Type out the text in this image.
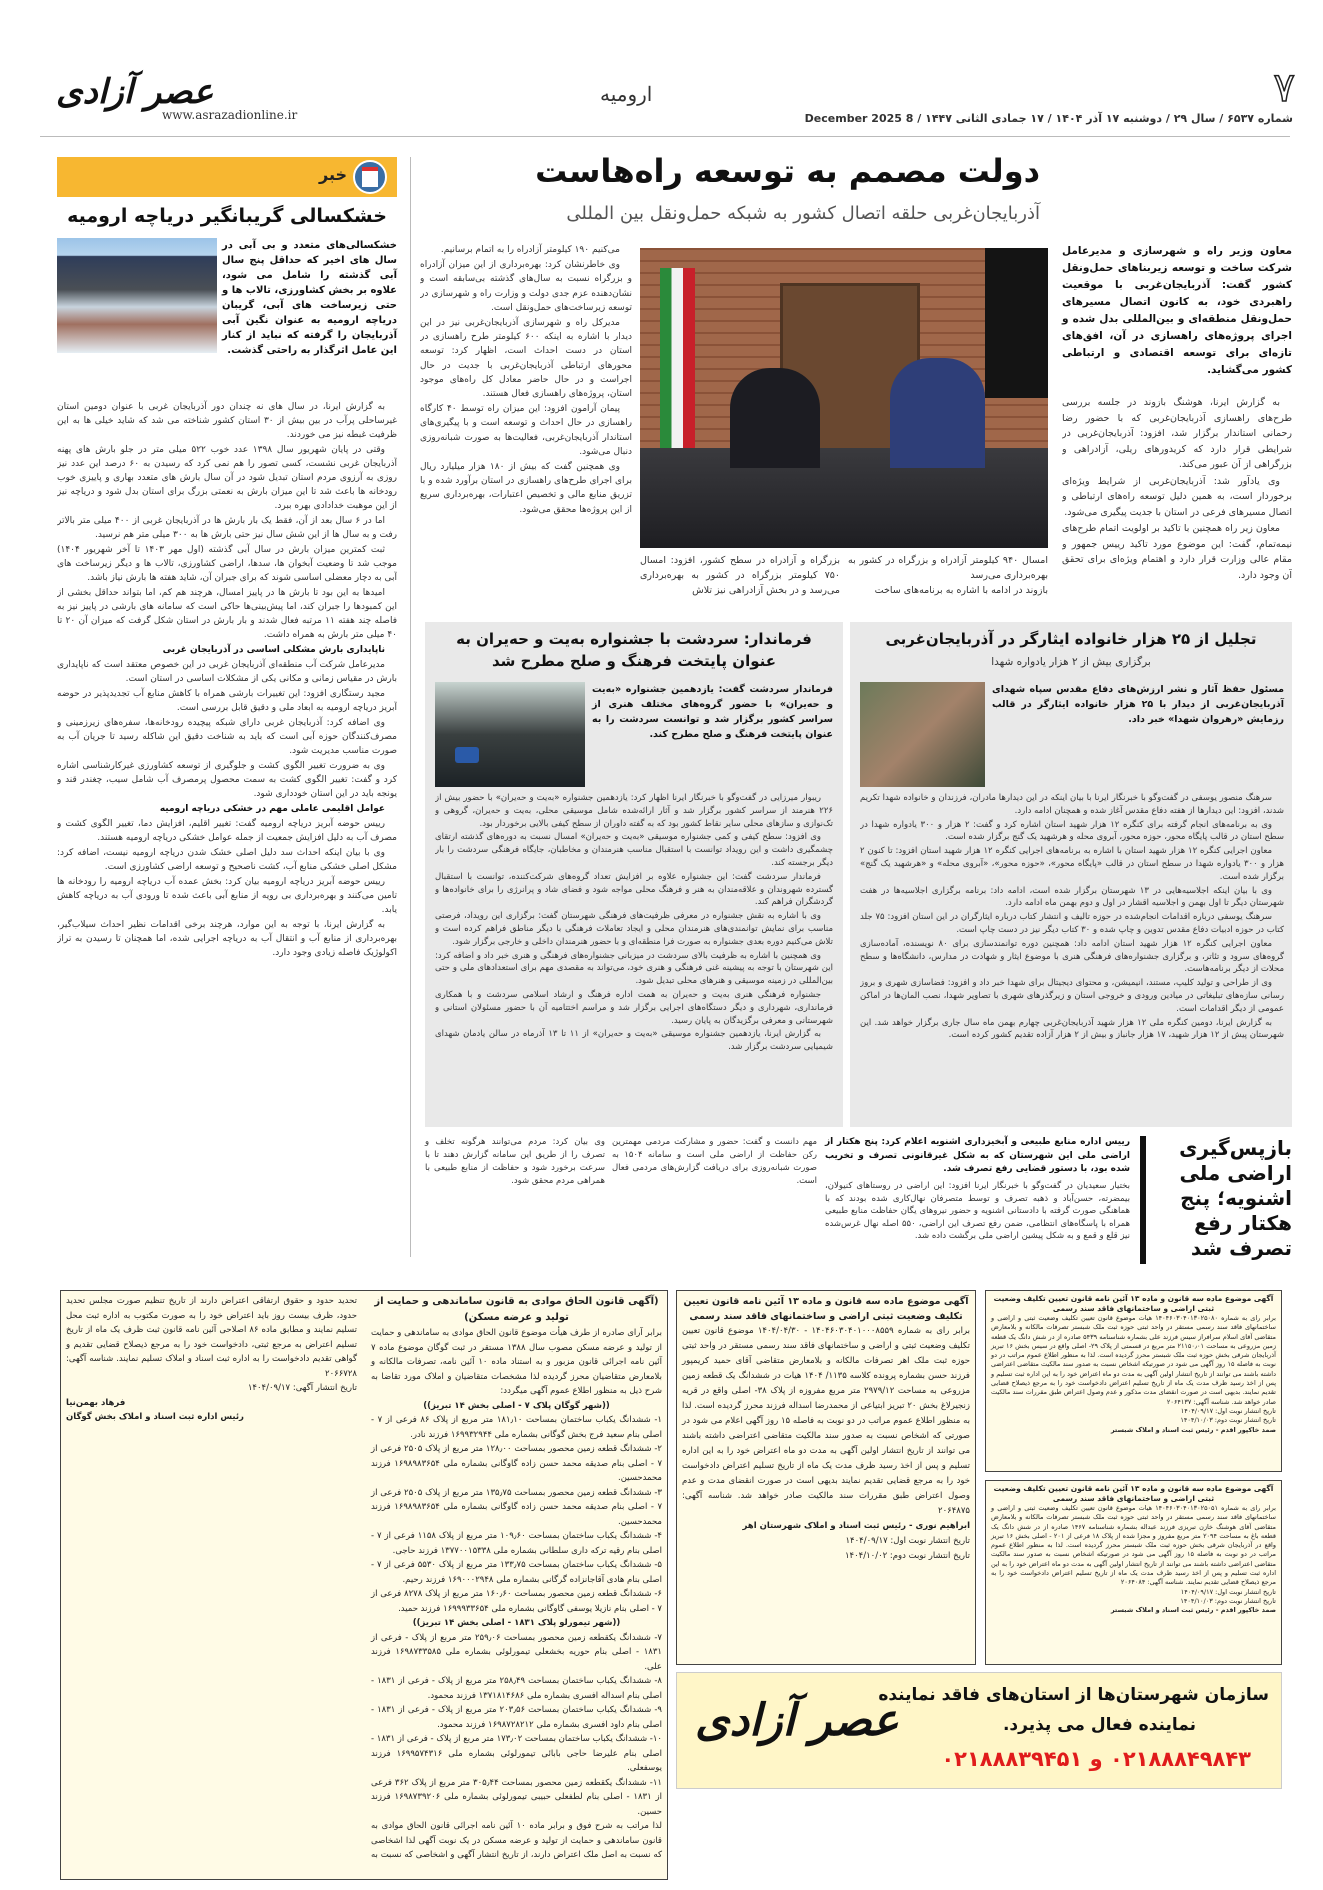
۷
شماره ۶۵۳۷ / سال ۲۹ / دوشنبه ۱۷ آذر ۱۴۰۴ / ۱۷ جمادی الثانی ۱۴۴۷ / 8 December 2025
ارومیه
www.asrazadionline.ir
عصر آزادی
خبر
خشکسالی گریبانگیر دریاچه ارومیه
خشکسالی‌های متعدد و بی آبی در سال های اخیر که حداقل پنج سال آبی گذشته را شامل می شود، علاوه بر بخش کشاورزی، تالاب ها و حتی زیرساخت های آبی، گریبان دریاچه ارومیه به عنوان نگین آبی آذربایجان را گرفته که نباید از کنار این عامل اثرگذار به راحتی گذشت.

به گزارش ایرنا، در سال های نه چندان دور آذربایجان غربی با عنوان دومین استان غیرساحلی پرآب در بین بیش از ۳۰ استان کشور شناخته می شد که شاید خیلی ها به این ظرفیت غبطه نیز می خوردند.

وقتی در پایان شهریور سال ۱۳۹۸ عدد خوب ۵۲۲ میلی متر در جلو بارش های پهنه آذربایجان غربی نشست، کسی تصور را هم نمی کرد که رسیدن به ۶۰ درصد این عدد نیز روزی به آرزوی مردم استان تبدیل شود در آن سال بارش های متعدد بهاری و پاییزی خوب رودخانه ها باعث شد تا این میزان بارش به نعمتی بزرگ برای استان بدل شود و دریاچه نیز از این موهبت خدادادی بهره ببرد.

اما در ۶ سال بعد از آن، فقط یک بار بارش ها در آذربایجان غربی از ۴۰۰ میلی متر بالاتر رفت و به سال ها از این شش سال نیز حتی بارش ها به ۳۰۰ میلی متر هم نرسید.

ثبت کمترین میزان بارش در سال آبی گذشته (اول مهر ۱۴۰۳ تا آخر شهریور ۱۴۰۴) موجب شد تا وضعیت آبخوان ها، سدها، اراضی کشاورزی، تالاب ها و دیگر زیرساخت های آبی به دچار معضلی اساسی شوند که برای جبران آن، شاید هفته ها بارش نیاز باشد.

امیدها به این بود تا بارش ها در پاییز امسال، هرچند هم کم، اما بتواند حداقل بخشی از این کمبودها را جبران کند، اما پیش‌بینی‌ها حاکی است که سامانه های بارشی در پاییز نیز به فاصله چند هفته ۱۱ مرتبه فعال شدند و بار بارش در استان شکل گرفت که میزان آن ۲۰ تا ۴۰ میلی متر بارش به همراه داشت.

ناپایداری بارش مشکلی اساسی در آذربایجان غربی

مدیرعامل شرکت آب منطقه‌ای آذربایجان غربی در این خصوص معتقد است که ناپایداری بارش در مقیاس زمانی و مکانی یکی از مشکلات اساسی در استان است.

مجید رستگاری افزود: این تغییرات بارشی همراه با کاهش منابع آب تجدیدپذیر در حوضه آبریز دریاچه ارومیه به ابعاد ملی و دقیق قابل بررسی است.

وی اضافه کرد: آذربایجان غربی دارای شبکه پیچیده رودخانه‌ها، سفره‌های زیرزمینی و مصرف‌کنندگان حوزه آبی است که باید به شناخت دقیق این شاکله رسید تا جریان آب به صورت مناسب مدیریت شود.

وی به ضرورت تغییر الگوی کشت و جلوگیری از توسعه کشاورزی غیرکارشناسی اشاره کرد و گفت: تغییر الگوی کشت به سمت محصول پرمصرف آب شامل سیب، چغندر قند و یونجه باید در این استان خودداری شود.

عوامل اقلیمی عاملی مهم در خشکی دریاچه ارومیه

رییس حوضه آبریز دریاچه ارومیه گفت: تغییر اقلیم، افزایش دما، تغییر الگوی کشت و مصرف آب به دلیل افزایش جمعیت از جمله عوامل خشکی دریاچه ارومیه هستند.

وی با بیان اینکه احداث سد دلیل اصلی خشک شدن دریاچه ارومیه نیست، اضافه کرد: مشکل اصلی خشکی منابع آب، کشت ناصحیح و توسعه اراضی کشاورزی است.

رییس حوضه آبریز دریاچه ارومیه بیان کرد: بخش عمده آب دریاچه ارومیه را رودخانه ها تامین می‌کنند و بهره‌برداری بی رویه از منابع آبی باعث شده تا ورودی آب به دریاچه کاهش یابد.

به گزارش ایرنا، با توجه به این موارد، هرچند برخی اقدامات نظیر احداث سیلاب‌گیر، بهره‌برداری از منابع آب و انتقال آب به دریاچه اجرایی شده، اما همچنان تا رسیدن به تراز اکولوژیک فاصله زیادی وجود دارد.

دولت مصمم به توسعه راه‌هاست
آذربایجان‌غربی حلقه اتصال کشور به شبکه حمل‌ونقل بین المللی
معاون وزیر راه و شهرسازی و مدیرعامل شرکت ساخت و توسعه زیربناهای حمل‌ونقل کشور گفت: آذربایجان‌غربی با موقعیت راهبردی خود، به کانون اتصال مسیرهای حمل‌ونقل منطقه‌ای و بین‌المللی بدل شده و اجرای پروژه‌های راهسازی در آن، افق‌های تازه‌ای برای توسعه اقتصادی و ارتباطی کشور می‌گشاید.

به گزارش ایرنا، هوشنگ بازوند در جلسه بررسی طرح‌های راهسازی آذربایجان‌غربی که با حضور رضا رحمانی استاندار برگزار شد، افزود: آذربایجان‌غربی در شرایطی قرار دارد که کریدورهای ریلی، آزادراهی و بزرگراهی از آن عبور می‌کند.

وی یادآور شد: آذربایجان‌غربی از شرایط ویژه‌ای برخوردار است، به همین دلیل توسعه راه‌های ارتباطی و اتصال مسیرهای فرعی در استان با جدیت پیگیری می‌شود.

معاون زیر راه همچنین با تاکید بر اولویت اتمام طرح‌های نیمه‌تمام، گفت: این موضوع مورد تاکید رییس جمهور و مقام عالی وزارت قرار دارد و اهتمام ویژه‌ای برای تحقق آن وجود دارد.

امسال ۹۴۰ کیلومتر آزادراه و بزرگراه در کشور به بهره‌برداری می‌رسد
بازوند در ادامه با اشاره به برنامه‌های ساخت
بزرگراه و آزادراه در سطح کشور، افزود: امسال ۷۵۰ کیلومتر بزرگراه در کشور به بهره‌برداری می‌رسد و در بخش آزادراهی نیز تلاش

می‌کنیم ۱۹۰ کیلومتر آزادراه را به اتمام برسانیم.

وی خاطرنشان کرد: بهره‌برداری از این میزان آزادراه و بزرگراه نسبت به سال‌های گذشته بی‌سابقه است و نشان‌دهنده عزم جدی دولت و وزارت راه و شهرسازی در توسعه زیرساخت‌های حمل‌ونقل است.

مدیرکل راه و شهرسازی آذربایجان‌غربی نیز در این دیدار با اشاره به اینکه ۶۰۰ کیلومتر طرح راهسازی در استان در دست احداث است، اظهار کرد: توسعه محورهای ارتباطی آذربایجان‌غربی با جدیت در حال اجراست و در حال حاضر معادل کل راه‌های موجود استان، پروژه‌های راهسازی فعال هستند.

پیمان آرامون افزود: این میزان راه توسط ۴۰ کارگاه راهسازی در حال احداث و توسعه است و با پیگیری‌های استاندار آذربایجان‌غربی، فعالیت‌ها به صورت شبانه‌روزی دنبال می‌شود.

وی همچنین گفت که بیش از ۱۸۰ هزار میلیارد ریال برای اجرای طرح‌های راهسازی در استان برآورد شده و با تزریق منابع مالی و تخصیص اعتبارات، بهره‌برداری سریع از این پروژه‌ها محقق می‌شود.

تجلیل از ۲۵ هزار خانواده ایثارگر در آذربایجان‌غربی
برگزاری بیش از ۲ هزار یادواره شهدا
مسئول حفظ آثار و نشر ارزش‌های دفاع مقدس سپاه شهدای آذربایجان‌غربی از دیدار با ۲۵ هزار خانواده ایثارگر در قالب رزمایش «رهروان شهدا» خبر داد.

سرهنگ منصور یوسفی در گفت‌وگو با خبرنگار ایرنا با بیان اینکه در این دیدارها مادران، فرزندان و خانواده شهدا تکریم شدند، افزود: این دیدارها از هفته دفاع مقدس آغاز شده و همچنان ادامه دارد.

وی به برنامه‌های انجام گرفته برای کنگره ۱۲ هزار شهید استان اشاره کرد و گفت: ۲ هزار و ۳۰۰ یادواره شهدا در سطح استان در قالب پایگاه محور، حوزه محور، آبروی محله و هرشهید یک گنج برگزار شده است.

معاون اجرایی کنگره ۱۲ هزار شهید استان با اشاره به برنامه‌های اجرایی کنگره ۱۲ هزار شهید استان افزود: تا کنون ۲ هزار و ۳۰۰ یادواره شهدا در سطح استان در قالب «پایگاه محور»، «حوزه محور»، «آبروی محله» و «هرشهید یک گنج» برگزار شده است.

وی با بیان اینکه اجلاسیه‌هایی در ۱۳ شهرستان برگزار شده است، ادامه داد: برنامه برگزاری اجلاسیه‌ها در هفت شهرستان دیگر تا اول بهمن و اجلاسیه اقشار در اول و دوم بهمن ماه ادامه دارد.

سرهنگ یوسفی درباره اقدامات انجام‌شده در حوزه تالیف و انتشار کتاب درباره ایثارگران در این استان افزود: ۷۵ جلد کتاب در حوزه ادبیات دفاع مقدس تدوین و چاپ شده و ۳۰ کتاب دیگر نیز در دست چاپ است.

معاون اجرایی کنگره ۱۲ هزار شهید استان ادامه داد: همچنین دوره توانمندسازی برای ۸۰ نویسنده، آماده‌سازی گروه‌های سرود و تئاتر، و برگزاری جشنواره‌های فرهنگی هنری با موضوع ایثار و شهادت در مدارس، دانشگاه‌ها و سطح محلات از دیگر برنامه‌هاست.

وی از طراحی و تولید کلیپ، مستند، انیمیشن، و محتوای دیجیتال برای شهدا خبر داد و افزود: فضاسازی شهری و بروز رسانی سازه‌های تبلیغاتی در میادین ورودی و خروجی استان و زیرگذرهای شهری با تصاویر شهدا، نصب المان‌ها در اماکن عمومی از دیگر اقدامات است.

به گزارش ایرنا، دومین کنگره ملی ۱۲ هزار شهید آذربایجان‌غربی چهارم بهمن ماه سال جاری برگزار خواهد شد. این شهرستان پیش از ۱۲ هزار شهید، ۱۷ هزار جانباز و بیش از ۲ هزار آزاده تقدیم کشور کرده است.

فرماندار: سردشت با جشنواره به‌یت و حه‌یران به عنوان پایتخت فرهنگ و صلح مطرح شد
فرماندار سردشت گفت: یازدهمین جشنواره «به‌یت و حه‌یران» با حضور گروه‌های مختلف هنری از سراسر کشور برگزار شد و توانست سردشت را به عنوان پایتخت فرهنگ و صلح مطرح کند.

ریبوار میرزایی در گفت‌وگو با خبرنگار ایرنا اظهار کرد: یازدهمین جشنواره «به‌یت و حه‌یران» با حضور بیش از ۲۲۶ هنرمند از سراسر کشور برگزار شد و آثار ارائه‌شده شامل موسیقی محلی، به‌یت و حه‌یران، گروهی و تک‌نوازی و سازهای محلی سایر نقاط کشور بود که به گفته داوران از سطح کیفی بالایی برخوردار بود.

وی افزود: سطح کیفی و کمی جشنواره موسیقی «به‌یت و حه‌یران» امسال نسبت به دوره‌های گذشته ارتقای چشمگیری داشت و این رویداد توانست با استقبال مناسب هنرمندان و مخاطبان، جایگاه فرهنگی سردشت را بار دیگر برجسته کند.

فرماندار سردشت گفت: این جشنواره علاوه بر افزایش تعداد گروه‌های شرکت‌کننده، توانست با استقبال گسترده شهروندان و علاقه‌مندان به هنر و فرهنگ محلی مواجه شود و فضای شاد و پرانرژی را برای خانواده‌ها و گردشگران فراهم کند.

وی با اشاره به نقش جشنواره در معرفی ظرفیت‌های فرهنگی شهرستان گفت: برگزاری این رویداد، فرصتی مناسب برای نمایش توانمندی‌های هنرمندان محلی و ایجاد تعاملات فرهنگی با دیگر مناطق فراهم کرده است و تلاش می‌کنیم دوره بعدی جشنواره به صورت فرا منطقه‌ای و با حضور هنرمندان داخلی و خارجی برگزار شود.

وی همچنین با اشاره به ظرفیت بالای سردشت در میزبانی جشنواره‌های فرهنگی و هنری خبر داد و اضافه کرد: این شهرستان با توجه به پیشینه غنی فرهنگی و هنری خود، می‌تواند به مقصدی مهم برای استعدادهای ملی و حتی بین‌المللی در زمینه موسیقی و هنرهای محلی تبدیل شود.

جشنواره فرهنگی هنری به‌یت و حه‌یران به همت اداره فرهنگ و ارشاد اسلامی سردشت و با همکاری فرمانداری، شهرداری و دیگر دستگاه‌های اجرایی برگزار شد و مراسم اختتامیه آن با حضور مسئولان استانی و شهرستانی و معرفی برگزیدگان به پایان رسید.

به گزارش ایرنا، یازدهمین جشنواره موسیقی «به‌یت و حه‌یران» از ۱۱ تا ۱۳ آذرماه در سالن یادمان شهدای شیمیایی سردشت برگزار شد.

بازپس‌گیری اراضی ملی اشنویه؛ پنج هکتار رفع تصرف شد
رییس اداره منابع طبیعی و آبخیزداری اشنویه اعلام کرد: پنج هکتار از اراضی ملی این شهرستان که به شکل غیرقانونی تصرف و تخریب شده بود، با دستور قضایی رفع تصرف شد.
بختیار سعیدیان در گفت‌وگو با خبرنگار ایرنا افزود: این اراضی در روستاهای کنیولان، بیمضرته، حسن‌آباد و ذهبه تصرف و توسط متصرفان نهال‌کاری شده بودند که با هماهنگی صورت گرفته با دادستانی اشنویه و حضور نیروهای یگان حفاظت منابع طبیعی همراه با پاسگاه‌های انتظامی، ضمن رفع تصرف این اراضی، ۵۵۰ اصله نهال غرس‌شده نیز قلع و قمع و به شکل پیشین اراضی ملی برگشت داده شد.
مهم دانست و گفت: حضور و مشارکت مردمی مهمترین رکن حفاظت از اراضی ملی است و سامانه ۱۵۰۴ به صورت شبانه‌روزی برای دریافت گزارش‌های مردمی فعال است.
وی بیان کرد: مردم می‌توانند هرگونه تخلف و تصرف را از طریق این سامانه گزارش دهند تا با سرعت برخورد شود و حفاظت از منابع طبیعی با همراهی مردم محقق شود.
آگهی موضوع ماده سه قانون و ماده ۱۳ آئین نامه قانون تعیین تکلیف وضعیت ثبتی اراضی و ساختمانهای فاقد سند رسمی

برابر رای به شماره ۱۴۰۴۶۰۳۰۴۰۱۳۰۲۵۰۸۰ هیات موضوع قانون تعیین تکلیف وضعیت ثبتی و اراضی و ساختمانهای فاقد سند رسمی مستقر در واحد ثبتی حوزه ثبت ملک شبستر تصرفات مالکانه و بلامعارض متقاضی آقای اسلام سرافراز سیس فرزند علی بشماره شناسنامه ۵۴۳۹ صادره از در شش دانگ یک قطعه زمین مزروعی به مساحت ۲۱۱۵۰٫۰۱ متر مربع در قسمتی از پلاک ۲۹- اصلی واقع در سیس بخش ۱۶ تبریز آذربایجان شرقی بخش حوزه ثبت ملک شبستر محرز گردیده است. لذا به منظور اطلاع عموم مراتب در دو نوبت به فاصله ۱۵ روز آگهی می شود در صورتیکه اشخاص نسبت به صدور سند مالکیت متقاضی اعتراضی داشته باشند می توانند از تاریخ انتشار اولین آگهی به مدت دو ماه اعتراض خود را به این اداره ثبت تسلیم و پس از اخذ رسید ظرف مدت یک ماه از تاریخ تسلیم اعتراض دادخواست خود را به مرجع ذیصلاح قضایی تقدیم نمایند. بدیهی است در صورت انقضای مدت مذکور و عدم وصول اعتراض طبق مقررات سند مالکیت صادر خواهد شد. شناسه آگهی: ۲۰۶۴۱۳۷

تاریخ انتشار نوبت اول: ۱۴۰۴/۰۹/۱۷

تاریخ انتشار نوبت دوم: ۱۴۰۴/۱۰/۰۳

صمد خاکپور اقدم - رئیس ثبت اسناد و املاک شبستر

آگهی موضوع ماده سه قانون و ماده ۱۳ آئین نامه قانون تعیین تکلیف وضعیت ثبتی اراضی و ساختمانهای فاقد سند رسمی

برابر رای به شماره ۱۴۰۴۶۰۳۰۴۰۱۳۰۲۵۰۵۱ هیات موضوع قانون تعیین تکلیف وضعیت ثبتی و اراضی و ساختمانهای فاقد سند رسمی مستقر در واحد ثبتی حوزه ثبت ملک شبستر تصرفات مالکانه و بلامعارض متقاضی آقای هوشنگ خازن تبریزی فرزند عبداله بشماره شناسنامه ۱۴۶۷ صادره از در شش دانگ یک قطعه باغ به مساحت ۲۰۹۴ متر مربع مفروز و مجزا شده از پلاک ۱۸ فرعی از ۲۰۱ - اصلی بخش ۱۶ تبریز واقع در آذربایجان شرقی بخش حوزه ثبت ملک شبستر محرز گردیده است. لذا به منظور اطلاع عموم مراتب در دو نوبت به فاصله ۱۵ روز آگهی می شود در صورتیکه اشخاص نسبت به صدور سند مالکیت متقاضی اعتراضی داشته باشند می توانند از تاریخ انتشار اولین آگهی به مدت دو ماه اعتراض خود را به این اداره ثبت تسلیم و پس از اخذ رسید ظرف مدت یک ماه از تاریخ تسلیم اعتراض دادخواست خود را به مرجع ذیصلاح قضایی تقدیم نمایند. شناسه آگهی: ۲۰۶۴۰۸۴

تاریخ انتشار نوبت اول: ۱۴۰۴/۰۹/۱۷

تاریخ انتشار نوبت دوم: ۱۴۰۴/۱۰/۰۳

صمد خاکپور اقدم - رئیس ثبت اسناد و املاک شبستر

آگهی موضوع ماده سه قانون و ماده ۱۳ آئین نامه قانون تعیین تکلیف وضعیت ثبتی اراضی و ساختمانهای فاقد سند رسمی

برابر رای به شماره ۱۴۰۴۶۰۳۰۴۰۱۰۰۰۸۵۵۹ - ۱۴۰۴/۰۴/۳۰ موضوع قانون تعیین تکلیف وضعیت ثبتی و اراضی و ساختمانهای فاقد سند رسمی مستقر در واحد ثبتی حوزه ثبت ملک اهر تصرفات مالکانه و بلامعارض متقاضی آقای حمید کریمپور فرزند حسن بشماره پرونده کلاسه ۱۱۳۵/ ۱۴۰۴ هیات در ششدانگ یک قطعه زمین مزروعی به مساحت ۲۹۷۹/۱۲ متر مربع مفروزه از پلاک ۳۸- اصلی واقع در قریه زنجیرلاغ بخش ۲۰ تبریز ابتیاعی از محمدرضا اسداله فرزند محرز گردیده است. لذا به منظور اطلاع عموم مراتب در دو نوبت به فاصله ۱۵ روز آگهی اعلام می شود در صورتی که اشخاص نسبت به صدور سند مالکیت متقاضی اعتراضی داشته باشند می توانند از تاریخ انتشار اولین آگهی به مدت دو ماه اعتراض خود را به این اداره تسلیم و پس از اخذ رسید ظرف مدت یک ماه از تاریخ تسلیم اعتراض دادخواست خود را به مرجع قضایی تقدیم نمایند بدیهی است در صورت انقضای مدت و عدم وصول اعتراض طبق مقررات سند مالکیت صادر خواهد شد. شناسه آگهی: ۲۰۶۴۸۷۵

ابراهیم نوری - رئیس ثبت اسناد و املاک شهرستان اهر

تاریخ انتشار نوبت اول: ۱۴۰۴/۰۹/۱۷

تاریخ انتشار نوبت دوم: ۱۴۰۴/۱۰/۰۲

(آگهی قانون الحاق موادی به قانون ساماندهی و حمایت از تولید و عرضه مسکن)

برابر آرای صادره از طرف هیأت موضوع قانون الحاق موادی به ساماندهی و حمایت از تولید و عرضه مسکن مصوب سال ۱۳۸۸ مستقر در ثبت گوگان موضوع ماده ۷ آئین نامه اجرائی قانون مزبور و به استناد ماده ۱۰ آئین نامه، تصرفات مالکانه و بلامعارض متقاضیان محرز گردیده لذا مشخصات متقاضیان و املاک مورد تقاضا به شرح ذیل به منظور اطلاع عموم آگهی میگردد:

((شهر گوگان پلاک ۷ - اصلی بخش ۱۴ تبریز))

۱- ششدانگ یکباب ساختمان بمساحت ۱۸۱٫۱۰ متر مربع از پلاک ۸۶ فرعی از ۷ - اصلی بنام سعید فرج بخش گوگانی بشماره ملی ۱۶۹۹۳۲۹۴۴ فرزند نادر.

۲- ششدانگ قطعه زمین محصور بمساحت ۱۲۸٫۰۰ متر مربع از پلاک ۲۵۰۵ فرعی از ۷ - اصلی بنام صدیقه محمد حسن زاده گاوگانی بشماره ملی ۱۶۹۸۹۸۳۶۵۴ فرزند محمدحسین.

۳- ششدانگ قطعه زمین محصور بمساحت ۱۳۵٫۷۵ متر مربع از پلاک ۲۵۰۵ فرعی از ۷ - اصلی بنام صدیقه محمد حسن زاده گاوگانی بشماره ملی ۱۶۹۸۹۸۳۶۵۴ فرزند محمدحسین.

۴- ششدانگ یکباب ساختمان بمساحت ۱۰۹٫۶۰ متر مربع از پلاک ۱۱۵۸ فرعی از ۷ - اصلی بنام رقیه ترکه داری سلطانی بشماره ملی ۱۳۷۷۰۰۱۵۳۳۸ فرزند حاجی.

۵- ششدانگ یکباب ساختمان بمساحت ۱۳۳٫۷۵ متر مربع از پلاک ۵۵۳۰ فرعی از ۷ - اصلی بنام هادی آقاجانزاده گرگانی بشماره ملی ۱۶۹۰۰۰۲۹۴۸ فرزند رحیم.

۶- ششدانگ قطعه زمین محصور بمساحت ۱۶۰٫۶۰ متر مربع از پلاک ۸۲۷۸ فرعی از ۷ - اصلی بنام نازیلا یوسفی گاوگانی بشماره ملی ۱۶۹۹۹۳۳۶۵۴ فرزند حمید.

((شهر تیمورلو پلاک ۱۸۳۱ - اصلی بخش ۱۴ تبریز))

۷- ششدانگ یکقطعه زمین محصور بمساحت ۲۵۹٫۰۶ متر مربع از پلاک - فرعی از ۱۸۳۱ - اصلی بنام حوریه بخشعلی تیمورلوئی بشماره ملی ۱۶۹۸۷۳۳۵۸۵ فرزند علی.

۸- ششدانگ یکباب ساختمان بمساحت ۲۵۸٫۴۹ متر مربع از پلاک - فرعی از ۱۸۳۱ - اصلی بنام اسداله افسری بشماره ملی ۱۳۷۱۸۱۴۶۸۶ فرزند محمود.

۹- ششدانگ یکباب ساختمان بمساحت ۲۰۳٫۵۶ متر مربع از پلاک - فرعی از ۱۸۳۱ - اصلی بنام داود افسری بشماره ملی ۱۶۹۸۷۲۸۲۱۲ فرزند محمود.

۱۰- ششدانگ یکباب ساختمان بمساحت ۱۷۳٫۰۲ متر مربع از پلاک - فرعی از ۱۸۳۱ - اصلی بنام علیرضا حاجی بابائی تیمورلوئی بشماره ملی ۱۶۹۹۵۷۴۳۱۶ فرزند یوسفعلی.

۱۱- ششدانگ یکقطعه زمین محصور بمساحت ۳۰۵٫۴۴ متر مربع از پلاک ۳۶۲ فرعی از ۱۸۳۱ - اصلی بنام لطفعلی حبیبی تیمورلوئی بشماره ملی ۱۶۹۸۷۳۹۲۰۶ فرزند حسین.

لذا مراتب به شرح فوق و برابر ماده ۱۰ آئین نامه اجرائی قانون الحاق موادی به قانون ساماندهی و حمایت از تولید و عرضه مسکن در یک نوبت آگهی لذا اشخاصی که نسبت به اصل ملک اعتراض دارند، از تاریخ انتشار آگهی و اشخاصی که نسبت به تحدید حدود و حقوق ارتفاقی اعتراض دارند از تاریخ تنظیم صورت مجلس تحدید حدود، ظرف بیست روز باید اعتراض خود را به صورت مکتوب به اداره ثبت محل تسلیم نمایند و مطابق ماده ۸۶ اصلاحی آئین نامه قانون ثبت ظرف یک ماه از تاریخ تسلیم اعتراض به مرجع ثبتی، دادخواست خود را به مرجع ذیصلاح قضایی تقدیم و گواهی تقدیم دادخواست را به اداره ثبت اسناد و املاک تسلیم نمایند. شناسه آگهی: ۲۰۶۶۷۲۸

تاریخ انتشار آگهی: ۱۴۰۴/۰۹/۱۷

فرهاد بهمن‌نیا

رئیس اداره ثبت اسناد و املاک بخش گوگان

عصر آزادی
سازمان شهرستان‌ها از استان‌های فاقد نماینده
نماینده فعال می پذیرد.
۰۲۱۸۸۸۴۹۸۴۳ و ۰۲۱۸۸۸۳۹۴۵۱
